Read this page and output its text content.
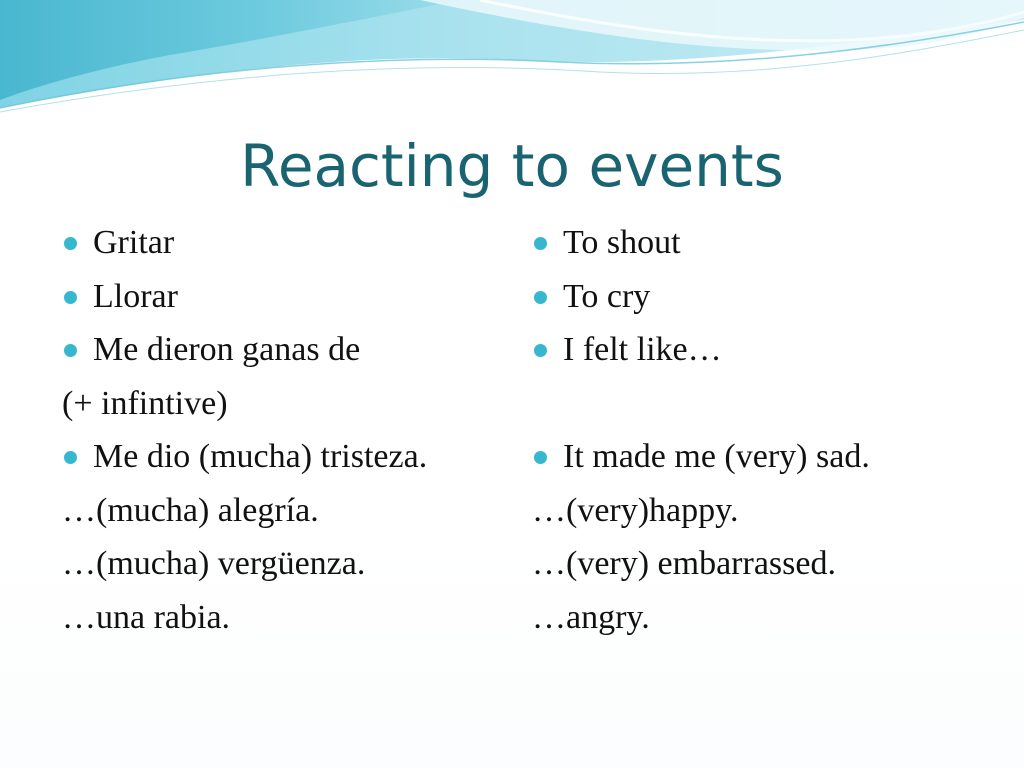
Reacting to events
Gritar
Llorar
Me dieron ganas de
(+ infintive)
Me dio (mucha) tristeza.
…(mucha) alegría.
…(mucha) vergüenza.
…una rabia.
To shout
To cry
I felt like…
It made me (very) sad.
…(very)happy.
…(very) embarrassed.
…angry.
